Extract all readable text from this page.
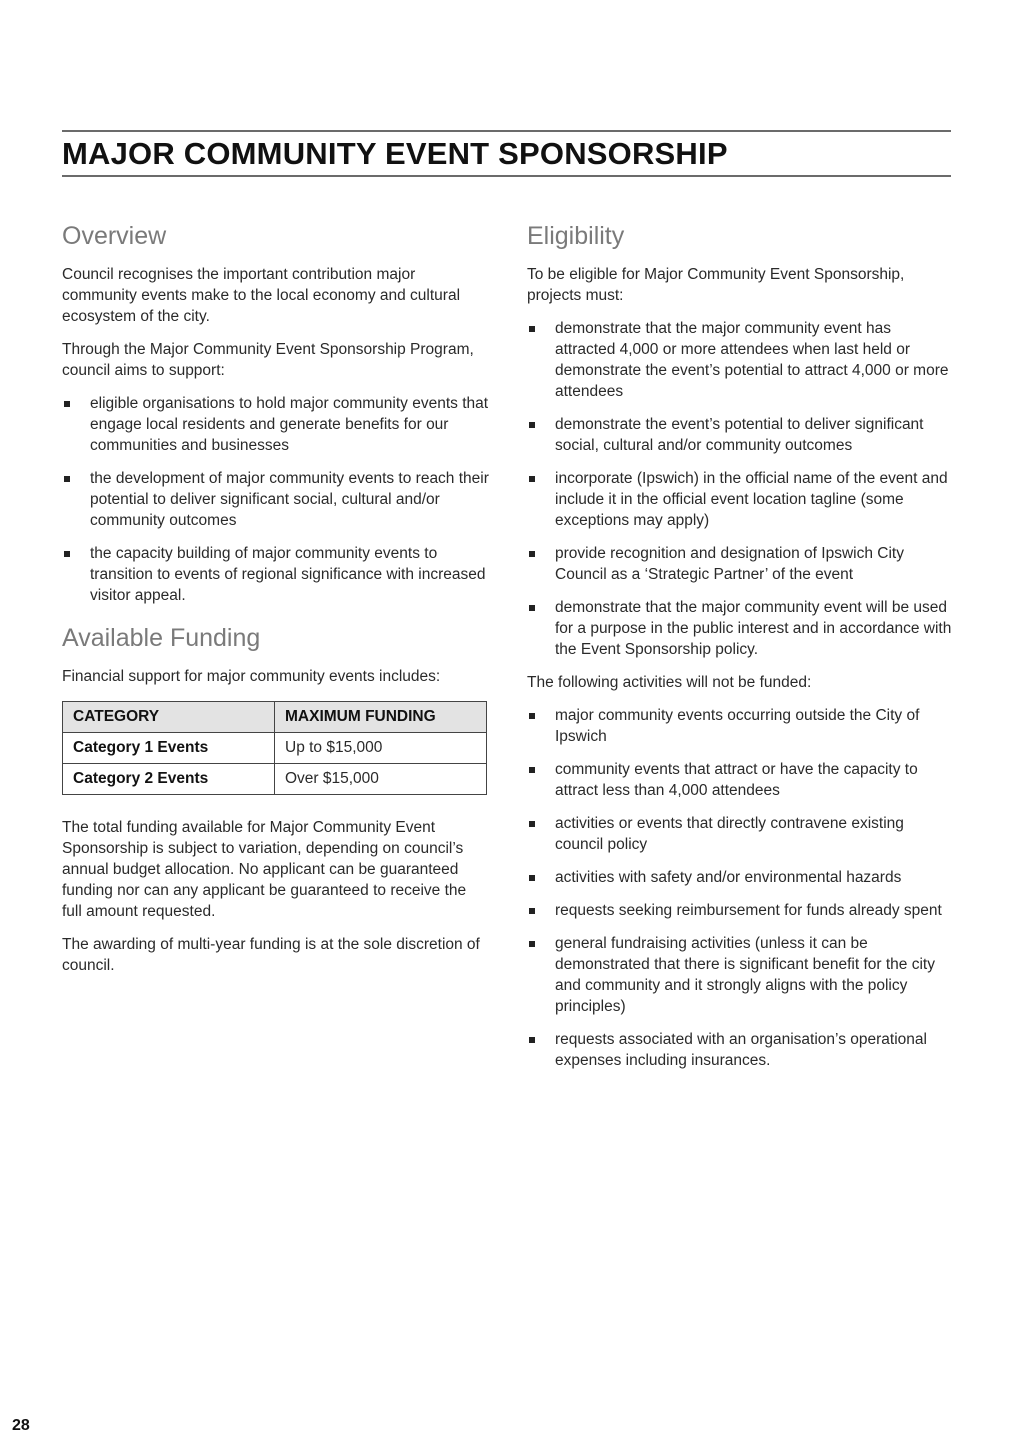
MAJOR COMMUNITY EVENT SPONSORSHIP
Overview

Council recognises the important contribution major community events make to the local economy and cultural ecosystem of the city.

Through the Major Community Event Sponsorship Program, council aims to support:

eligible organisations to hold major community events that engage local residents and generate benefits for our communities and businesses
the development of major community events to reach their potential to deliver significant social, cultural and/or community outcomes
the capacity building of major community events to transition to events of regional significance with increased visitor appeal.
Available Funding

Financial support for major community events includes:

CATEGORY	MAXIMUM FUNDING
Category 1 Events	Up to $15,000
Category 2 Events	Over $15,000

The total funding available for Major Community Event Sponsorship is subject to variation, depending on council’s annual budget allocation. No applicant can be guaranteed funding nor can any applicant be guaranteed to receive the full amount requested.

The awarding of multi-year funding is at the sole discretion of council.

Eligibility

To be eligible for Major Community Event Sponsorship, projects must:

demonstrate that the major community event has attracted 4,000 or more attendees when last held or demonstrate the event’s potential to attract 4,000 or more attendees
demonstrate the event’s potential to deliver significant social, cultural and/or community outcomes
incorporate (Ipswich) in the official name of the event and include it in the official event location tagline (some exceptions may apply)
provide recognition and designation of Ipswich City Council as a ‘Strategic Partner’ of the event
demonstrate that the major community event will be used for a purpose in the public interest and in accordance with the Event Sponsorship policy.

The following activities will not be funded:

major community events occurring outside the City of Ipswich
community events that attract or have the capacity to attract less than 4,000 attendees
activities or events that directly contravene existing council policy
activities with safety and/or environmental hazards
requests seeking reimbursement for funds already spent
general fundraising activities (unless it can be demonstrated that there is significant benefit for the city and community and it strongly aligns with the policy principles)
requests associated with an organisation’s operational expenses including insurances.
28
